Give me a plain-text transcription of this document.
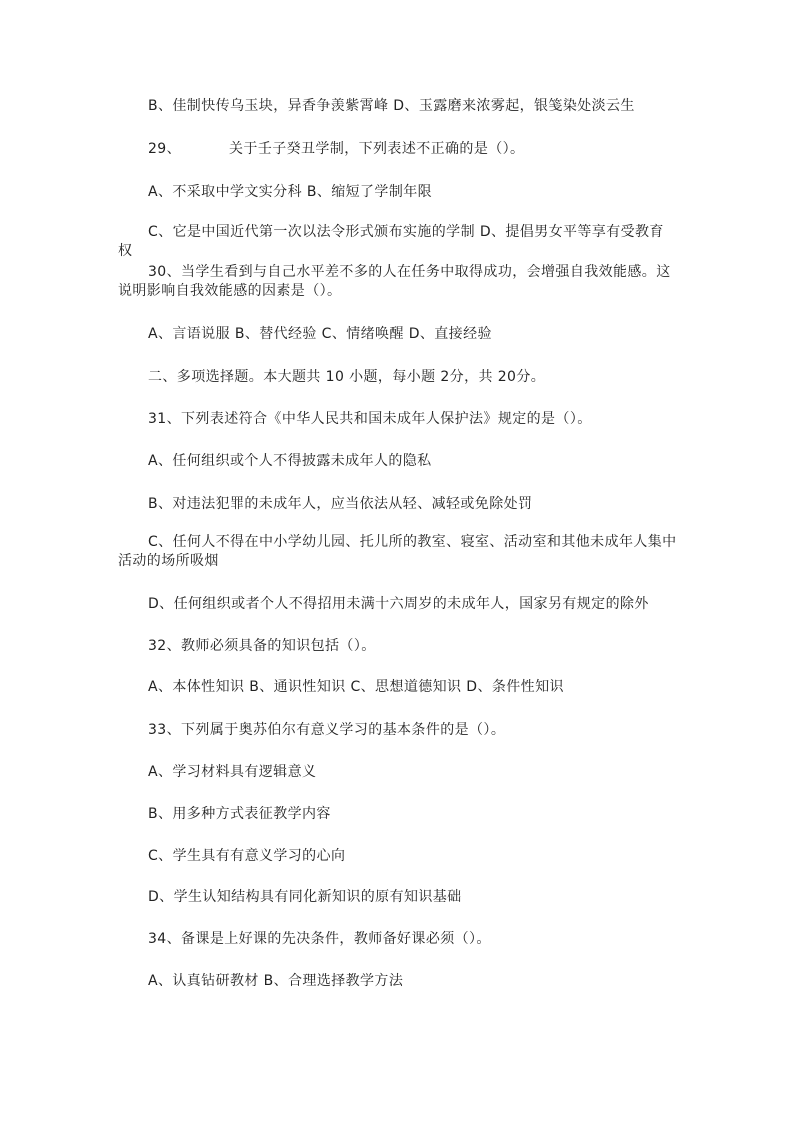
B、佳制快传乌玉块，异香争羡紫霄峰 D、玉露磨来浓雾起，银笺染处淡云生

29、	关于壬子癸丑学制，下列表述不正确的是（）。

A、不采取中学文实分科 B、缩短了学制年限

C、它是中国近代第一次以法令形式颁布实施的学制 D、提倡男女平等享有受教育权

30、当学生看到与自己水平差不多的人在任务中取得成功，会增强自我效能感。这说明影响自我效能感的因素是（）。

A、言语说服 B、替代经验 C、情绪唤醒 D、直接经验

二、多项选择题。本大题共 10 小题，每小题 2分，共 20分。

31、下列表述符合《中华人民共和国未成年人保护法》规定的是（）。

A、任何组织或个人不得披露未成年人的隐私

B、对违法犯罪的未成年人，应当依法从轻、减轻或免除处罚

C、任何人不得在中小学幼儿园、托儿所的教室、寝室、活动室和其他未成年人集中活动的场所吸烟

D、任何组织或者个人不得招用未满十六周岁的未成年人，国家另有规定的除外

32、教师必须具备的知识包括（）。

A、本体性知识 B、通识性知识 C、思想道德知识 D、条件性知识

33、下列属于奥苏伯尔有意义学习的基本条件的是（）。

A、学习材料具有逻辑意义

B、用多种方式表征教学内容

C、学生具有有意义学习的心向

D、学生认知结构具有同化新知识的原有知识基础

34、备课是上好课的先决条件，教师备好课必须（）。

A、认真钻研教材 B、合理选择教学方法
